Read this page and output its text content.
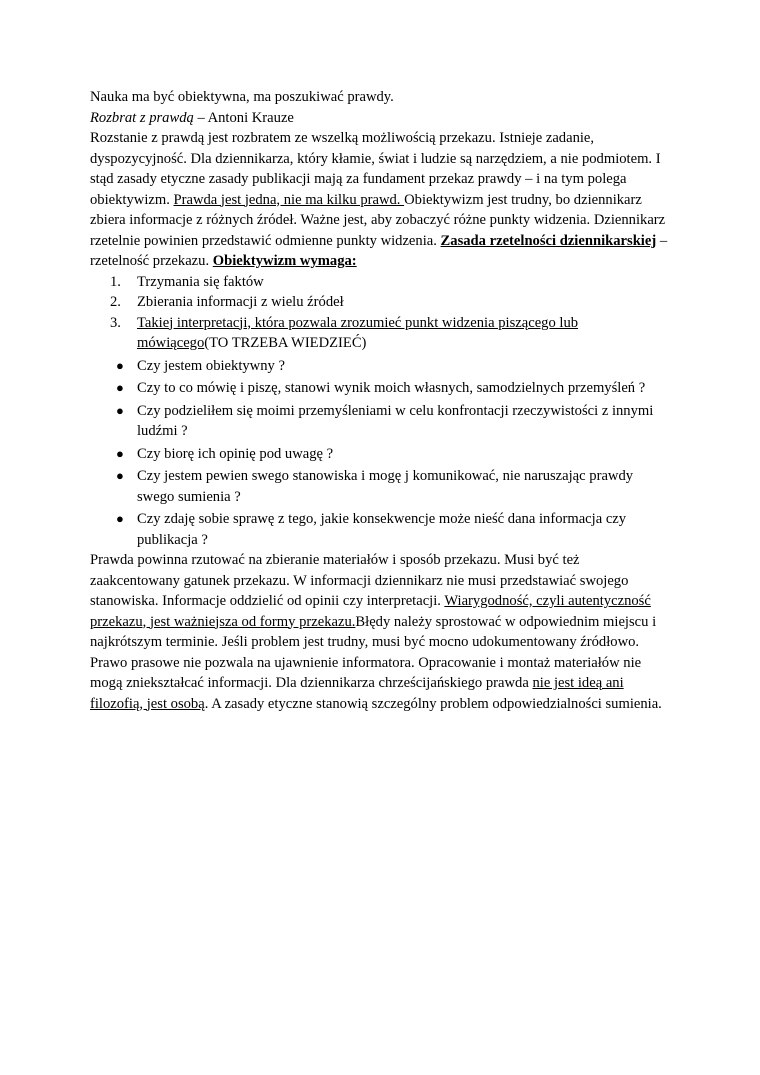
Nauka ma być obiektywna, ma poszukiwać prawdy.

Rozbrat z prawdą – Antoni Krauze

Rozstanie z prawdą jest rozbratem ze wszelką możliwością przekazu. Istnieje zadanie, dyspozycyjność. Dla dziennikarza, który kłamie, świat i ludzie są narzędziem, a nie podmiotem. I stąd zasady etyczne zasady publikacji mają za fundament przekaz prawdy – i na tym polega obiektywizm. Prawda jest jedna, nie ma kilku prawd. Obiektywizm jest trudny, bo dziennikarz zbiera informacje z różnych źródeł. Ważne jest, aby zobaczyć różne punkty widzenia. Dziennikarz rzetelnie powinien przedstawić odmienne punkty widzenia. Zasada rzetelności dziennikarskiej – rzetelność przekazu. Obiektywizm wymaga:

1. Trzymania się faktów
2. Zbierania informacji z wielu źródeł
3. Takiej interpretacji, która pozwala zrozumieć punkt widzenia piszącego lub mówiącego(TO TRZEBA WIEDZIEĆ)
● Czy jestem obiektywny ?
● Czy to co mówię i piszę, stanowi wynik moich własnych, samodzielnych przemyśleń ?
● Czy podzieliłem się moimi przemyśleniami w celu konfrontacji rzeczywistości z innymi ludźmi ?
● Czy biorę ich opinię pod uwagę ?
● Czy jestem pewien swego stanowiska i mogę j komunikować, nie naruszając prawdy swego sumienia ?
● Czy zdaję sobie sprawę z tego, jakie konsekwencje może nieść dana informacja czy publikacja ?

Prawda powinna rzutować na zbieranie materiałów i sposób przekazu. Musi być też zaakcentowany gatunek przekazu. W informacji dziennikarz nie musi przedstawiać swojego stanowiska. Informacje oddzielić od opinii czy interpretacji. Wiarygodność, czyli autentyczność przekazu, jest ważniejsza od formy przekazu.Błędy należy sprostować w odpowiednim miejscu i najkrótszym terminie. Jeśli problem jest trudny, musi być mocno udokumentowany źródłowo. Prawo prasowe nie pozwala na ujawnienie informatora. Opracowanie i montaż materiałów nie mogą zniekształcać informacji. Dla dziennikarza chrześcijańskiego prawda nie jest ideą ani filozofią, jest osobą. A zasady etyczne stanowią szczególny problem odpowiedzialności sumienia.
